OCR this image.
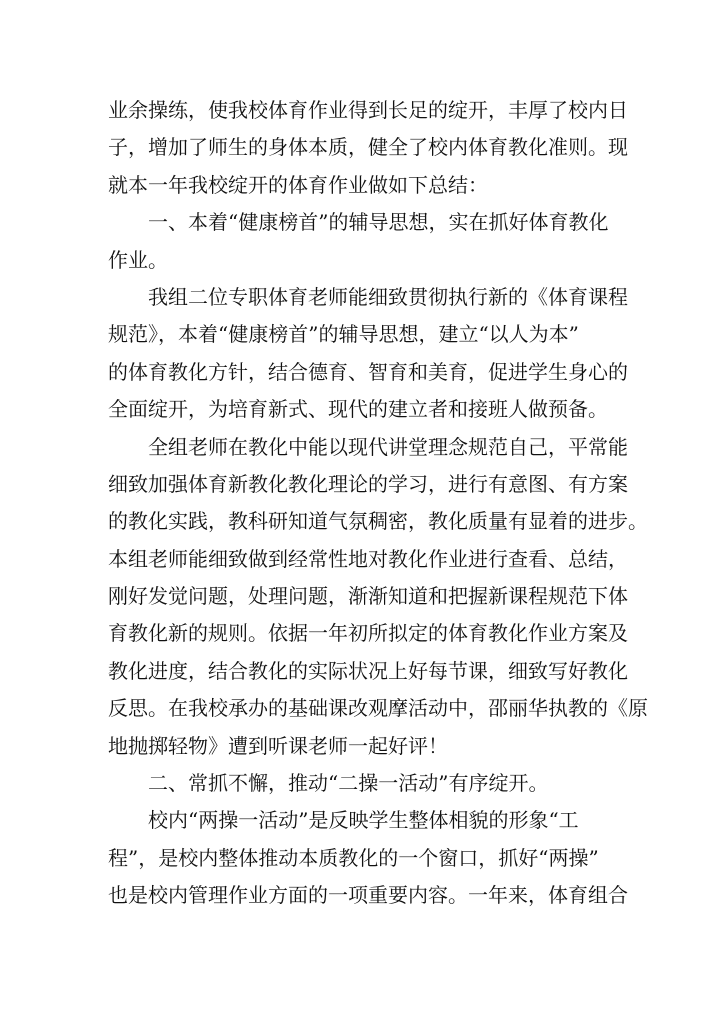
业余操练，使我校体育作业得到长足的绽开，丰厚了校内日
子，增加了师生的身体本质，健全了校内体育教化准则。现
就本一年我校绽开的体育作业做如下总结：
一、本着“健康榜首”的辅导思想，实在抓好体育教化
作业。
我组二位专职体育老师能细致贯彻执行新的《体育课程
规范》，本着“健康榜首”的辅导思想，建立“以人为本”
的体育教化方针，结合德育、智育和美育，促进学生身心的
全面绽开，为培育新式、现代的建立者和接班人做预备。
全组老师在教化中能以现代讲堂理念规范自己，平常能
细致加强体育新教化教化理论的学习，进行有意图、有方案
的教化实践，教科研知道气氛稠密，教化质量有显着的进步。
本组老师能细致做到经常性地对教化作业进行查看、总结，
刚好发觉问题，处理问题，渐渐知道和把握新课程规范下体
育教化新的规则。依据一年初所拟定的体育教化作业方案及
教化进度，结合教化的实际状况上好每节课，细致写好教化
反思。在我校承办的基础课改观摩活动中，邵丽华执教的《原
地抛掷轻物》遭到听课老师一起好评！
二、常抓不懈，推动“二操一活动”有序绽开。
校内“两操一活动”是反映学生整体相貌的形象“工
程”，是校内整体推动本质教化的一个窗口，抓好“两操”
也是校内管理作业方面的一项重要内容。一年来，体育组合
